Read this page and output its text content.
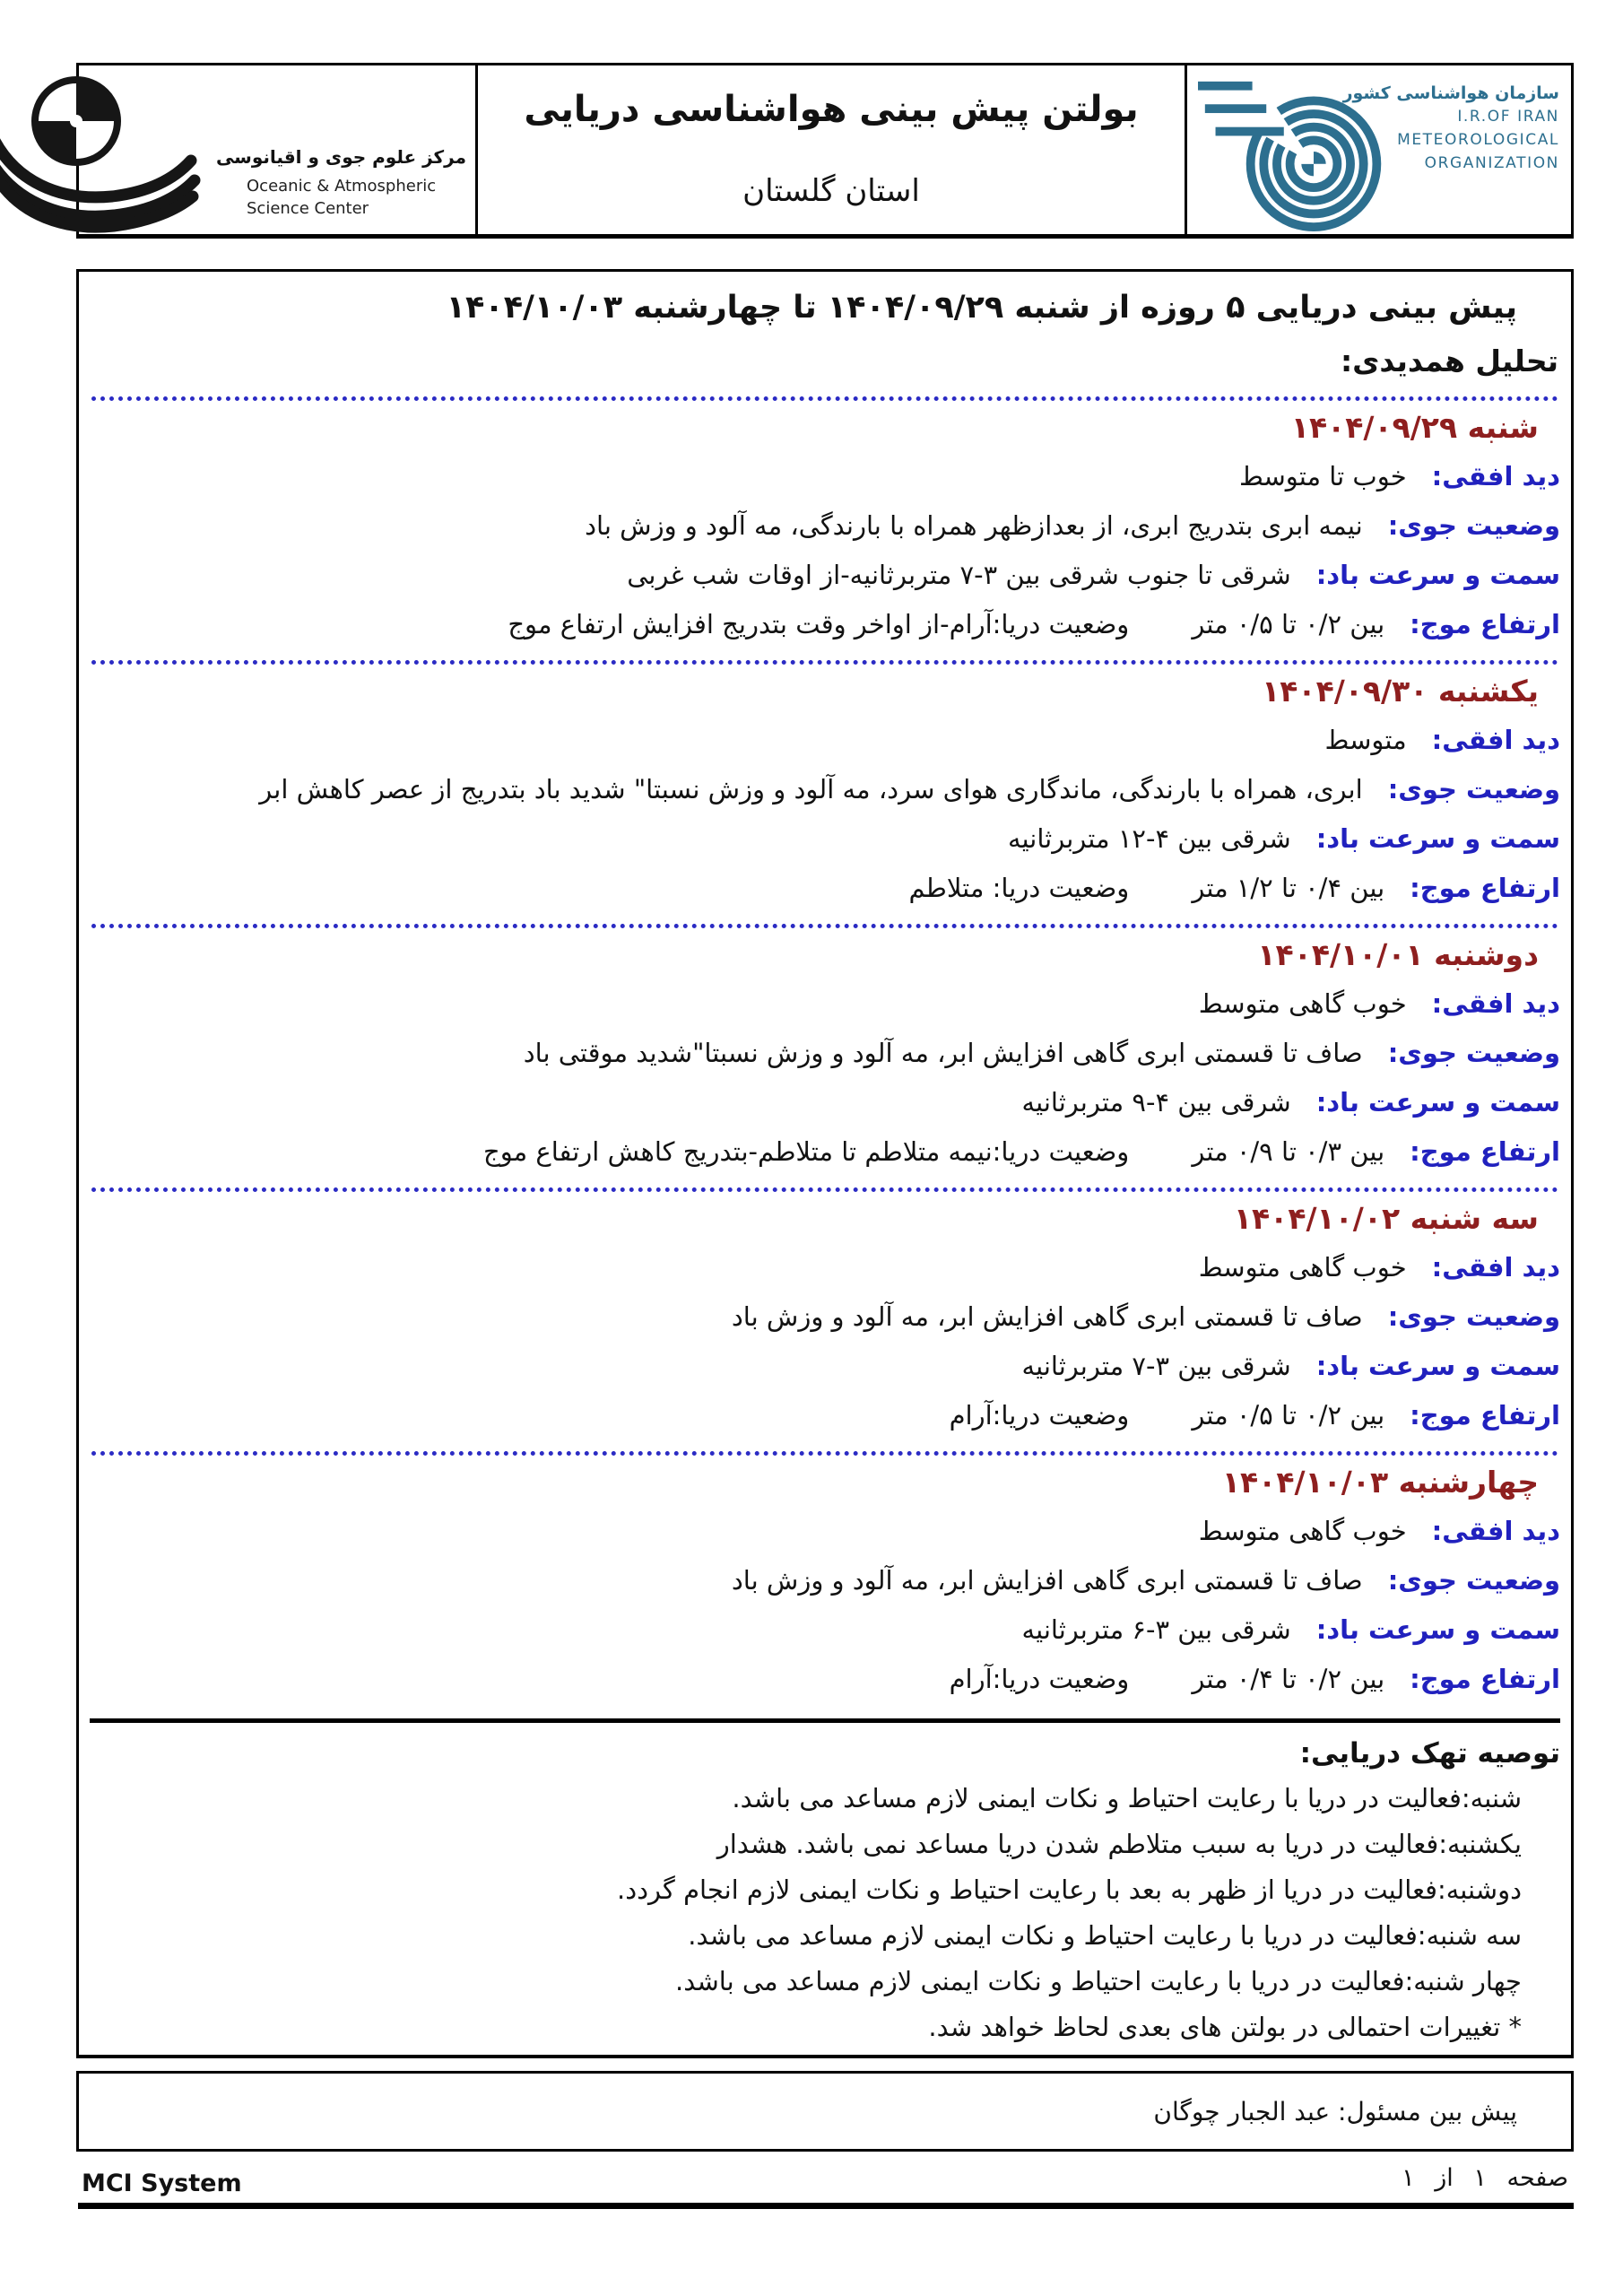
سازمان هواشناسی کشور
I.R.OF IRAN
METEOROLOGICAL
ORGANIZATION
بولتن پیش بینی هواشناسی دریایی
استان گلستان
مرکز علوم جوی و اقیانوسی
Oceanic & Atmospheric
Science Center
پیش بینی دریایی ۵ روزه از شنبه ۱۴۰۴/۰۹/۲۹ تا چهارشنبه ۱۴۰۴/۱۰/۰۳
تحلیل همدیدی:
شنبه ۱۴۰۴/۰۹/۲۹
دید افقی:خوب تا متوسط
وضعیت جوی:نیمه ابری بتدریج ابری، از بعدازظهر همراه با بارندگی، مه آلود و وزش باد
سمت و سرعت باد:شرقی تا جنوب شرقی بین ۳-۷ متربرثانیه-از اوقات شب غربی
ارتفاع موج:بین ۰/۲ تا ۰/۵ متروضعیت دریا:آرام-از اواخر وقت بتدریج افزایش ارتفاع موج
یکشنبه ۱۴۰۴/۰۹/۳۰
دید افقی:متوسط
وضعیت جوی:ابری، همراه با بارندگی، ماندگاری هوای سرد، مه آلود و وزش نسبتا" شدید باد بتدریج از عصر کاهش ابر
سمت و سرعت باد:شرقی بین ۴-۱۲ متربرثانیه
ارتفاع موج:بین ۰/۴ تا ۱/۲ متروضعیت دریا: متلاطم
دوشنبه ۱۴۰۴/۱۰/۰۱
دید افقی:خوب گاهی متوسط
وضعیت جوی:صاف تا قسمتی ابری گاهی افزایش ابر، مه آلود و وزش نسبتا"شدید موقتی باد
سمت و سرعت باد:شرقی بین ۴-۹ متربرثانیه
ارتفاع موج:بین ۰/۳ تا ۰/۹ متروضعیت دریا:نیمه متلاطم تا متلاطم-بتدریج کاهش ارتفاع موج
سه شنبه ۱۴۰۴/۱۰/۰۲
دید افقی:خوب گاهی متوسط
وضعیت جوی:صاف تا قسمتی ابری گاهی افزایش ابر، مه آلود و وزش باد
سمت و سرعت باد:شرقی بین ۳-۷ متربرثانیه
ارتفاع موج:بین ۰/۲ تا ۰/۵ متروضعیت دریا:آرام
چهارشنبه ۱۴۰۴/۱۰/۰۳
دید افقی:خوب گاهی متوسط
وضعیت جوی:صاف تا قسمتی ابری گاهی افزایش ابر، مه آلود و وزش باد
سمت و سرعت باد:شرقی بین ۳-۶ متربرثانیه
ارتفاع موج:بین ۰/۲ تا ۰/۴ متروضعیت دریا:آرام
توصیه تهک دریایی:
شنبه:فعالیت در دریا با رعایت احتیاط و نکات ایمنی لازم مساعد می باشد.
یکشنبه:فعالیت در دریا به سبب متلاطم شدن دریا مساعد نمی باشد. هشدار
دوشنبه:فعالیت در دریا از ظهر به بعد با رعایت احتیاط و نکات ایمنی لازم انجام گردد.
سه شنبه:فعالیت در دریا با رعایت احتیاط و نکات ایمنی لازم مساعد می باشد.
چهار شنبه:فعالیت در دریا با رعایت احتیاط و نکات ایمنی لازم مساعد می باشد.
* تغییرات احتمالی در بولتن های بعدی لحاظ خواهد شد.
پیش بین مسئول: عبد الجبار چوگان
صفحه ۱ از ۱
MCI System
